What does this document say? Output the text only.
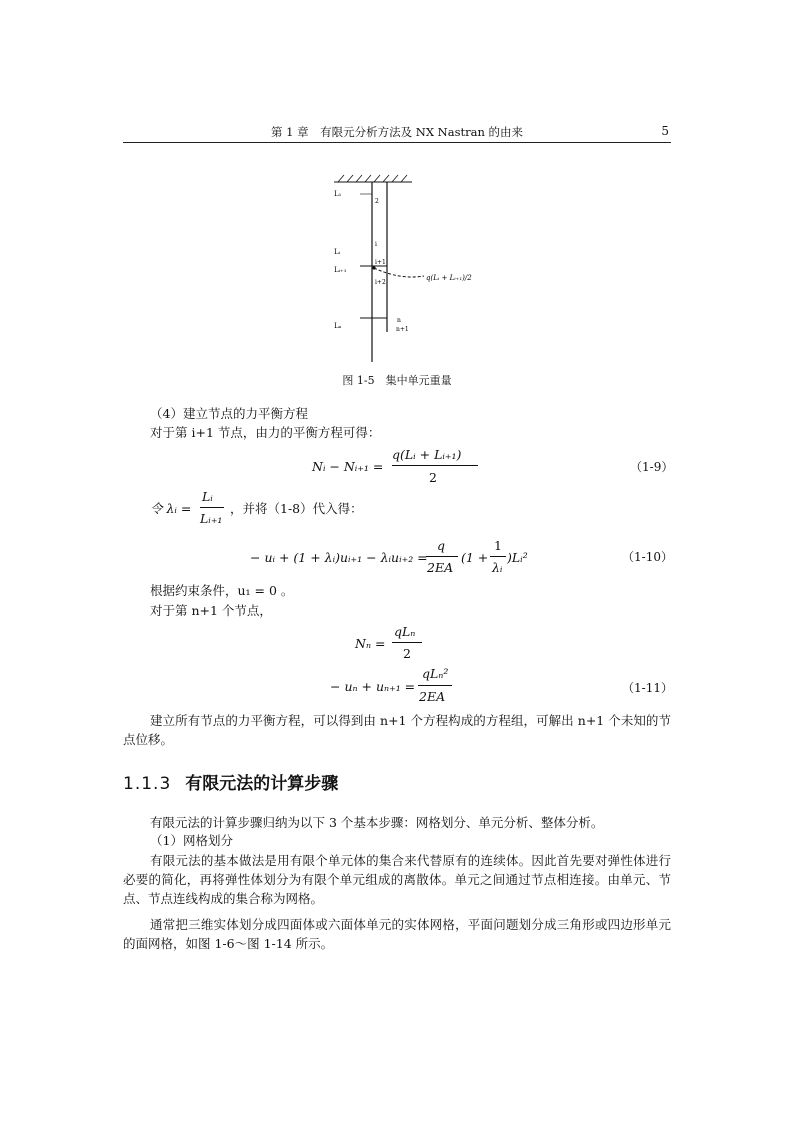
第 1 章　有限元分析方法及 NX Nastran 的由来	5
L₁
2
Lᵢ
i
Lᵢ₊₁
i+1
i+2
Lₙ
n
n+1
q(Lᵢ + Lᵢ₊₁)/2
图 1-5　集中单元重量
（4）建立节点的力平衡方程
对于第 i+1 节点，由力的平衡方程可得：
Nᵢ − Nᵢ₊₁ =
q(Lᵢ + Lᵢ₊₁)
2
（1-9）
令 λᵢ =
Lᵢ
Lᵢ₊₁
，并将（1-8）代入得：
− uᵢ + (1 + λᵢ)uᵢ₊₁ − λᵢuᵢ₊₂ =
q
2EA
(1 +
1
λᵢ
)Lᵢ²	（1-10）
根据约束条件，u₁ = 0 。
对于第 n+1 个节点，
Nₙ =
qLₙ
2
− uₙ + uₙ₊₁ =
qLₙ²
2EA
（1-11）
建立所有节点的力平衡方程，可以得到由 n+1 个方程构成的方程组，可解出 n+1 个未知的节点位移。
1.1.3 有限元法的计算步骤
有限元法的计算步骤归纳为以下 3 个基本步骤：网格划分、单元分析、整体分析。
（1）网格划分
有限元法的基本做法是用有限个单元体的集合来代替原有的连续体。因此首先要对弹性体进行必要的简化，再将弹性体划分为有限个单元组成的离散体。单元之间通过节点相连接。由单元、节点、节点连线构成的集合称为网格。
通常把三维实体划分成四面体或六面体单元的实体网格，平面问题划分成三角形或四边形单元的面网格，如图 1-6～图 1-14 所示。
